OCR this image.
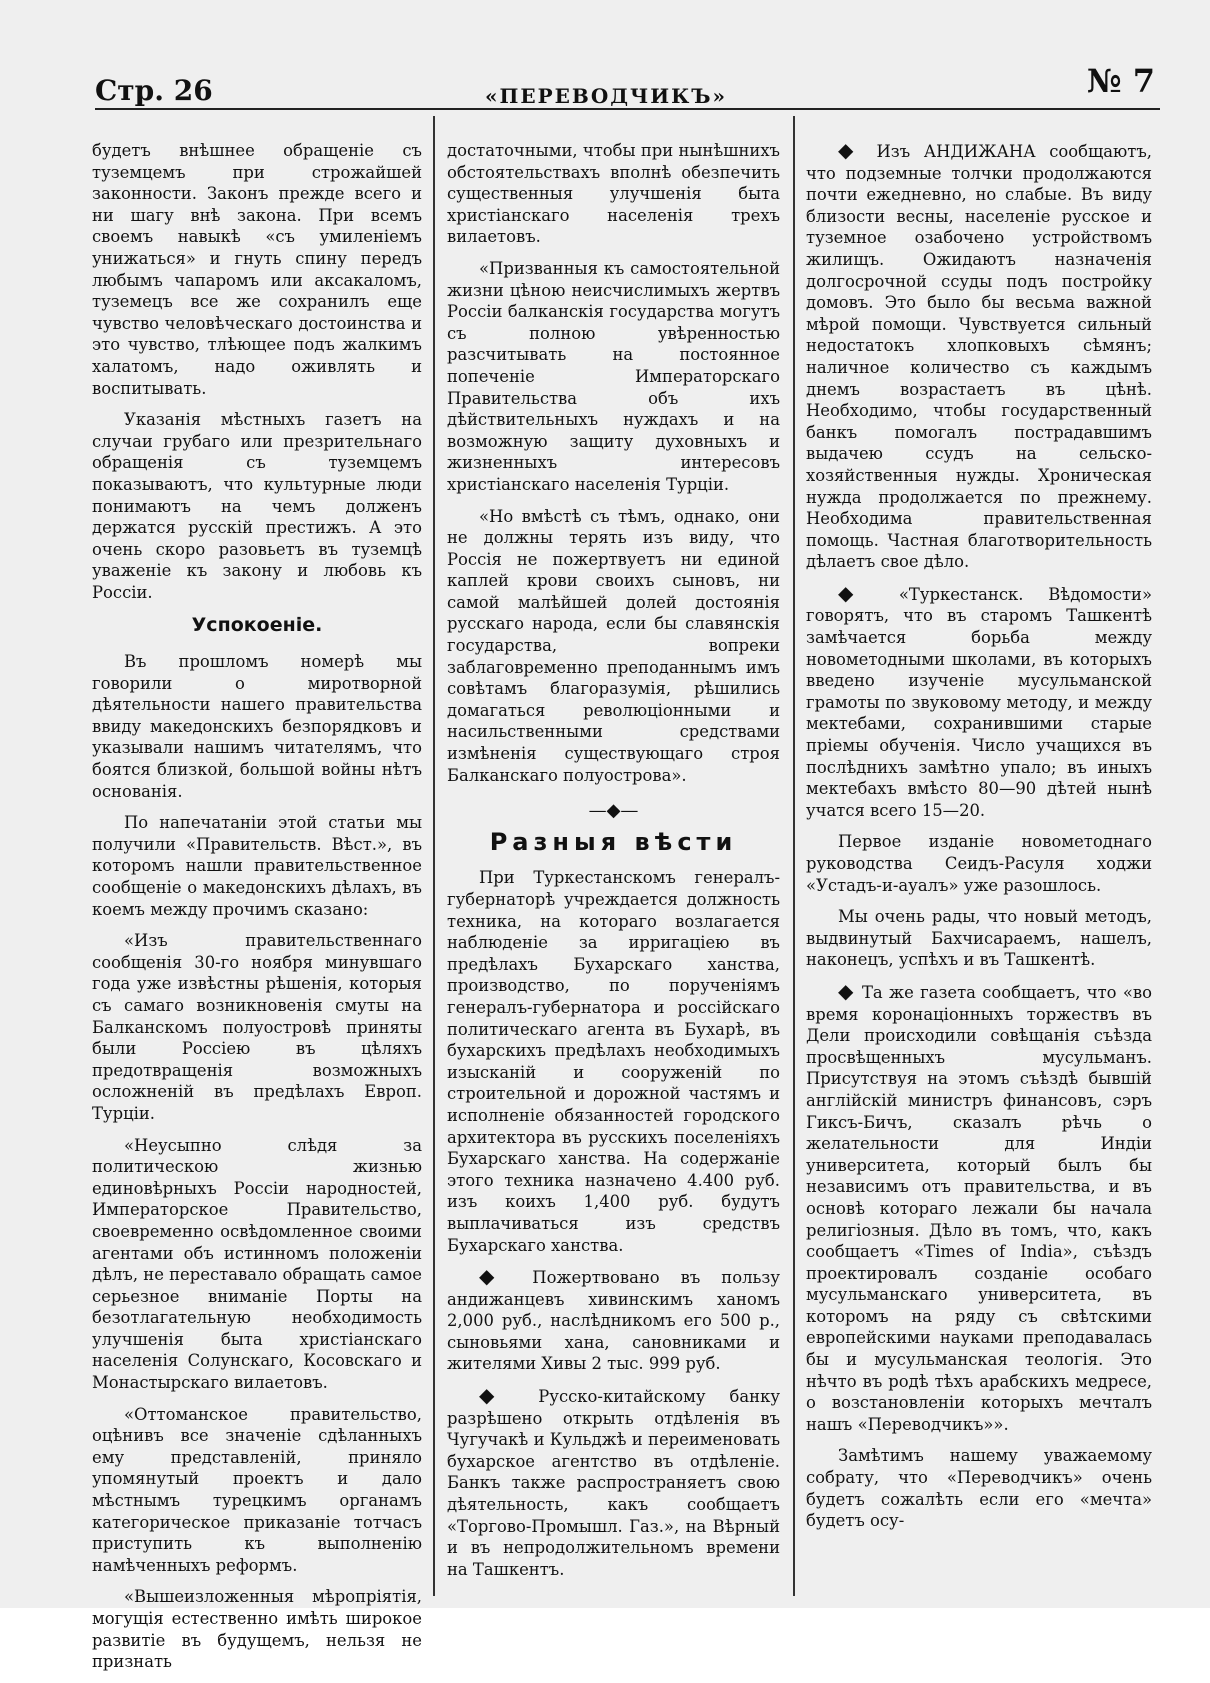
Стр. 26	«ПЕРЕВОДЧИКЪ»	№ 7

будетъ внѣшнее обращеніе съ туземцемъ при строжайшей законности. Законъ прежде всего и ни шагу внѣ закона. При всемъ своемъ навыкѣ «съ умиленіемъ унижаться» и гнуть спину передъ любымъ чапаромъ или аксакаломъ, туземецъ все же сохранилъ еще чувство человѣческаго достоинства и это чувство, тлѣющее подъ жалкимъ халатомъ, надо оживлять и воспитывать.

Указанія мѣстныхъ газетъ на случаи грубаго или презрительнаго обращенія съ туземцемъ показываютъ, что культурные люди понимаютъ на чемъ долженъ держатся русскій престижъ. А это очень скоро разовьетъ въ туземцѣ уваженіе къ закону и любовь къ Россіи.

Успокоеніе.

Въ прошломъ номерѣ мы говорили о миротворной дѣятельности нашего правительства ввиду македонскихъ безпорядковъ и указывали нашимъ читателямъ, что боятся близкой, большой войны нѣтъ основанія.

По напечатаніи этой статьи мы получили «Правительств. Вѣст.», въ которомъ нашли правительственное сообщеніе о македонскихъ дѣлахъ, въ коемъ между прочимъ сказано:

«Изъ правительственнаго сообщенія 30-го ноября минувшаго года уже извѣстны рѣшенія, которыя съ самаго возникновенія смуты на Балканскомъ полуостровѣ приняты были Россіею въ цѣляхъ предотвращенія возможныхъ осложненій въ предѣлахъ Европ. Турціи.

«Неусыпно слѣдя за политическою жизнью единовѣрныхъ Россіи народностей, Императорское Правительство, своевременно освѣдомленное своими агентами объ истинномъ положеніи дѣлъ, не переставало обращать самое серьезное вниманіе Порты на безотлагательную необходимость улучшенія быта христіанскаго населенія Солунскаго, Косовскаго и Монастырскаго вилаетовъ.

«Оттоманское правительство, оцѣнивъ все значеніе сдѣланныхъ ему представленій, приняло упомянутый проектъ и дало мѣстнымъ турецкимъ органамъ категорическое приказаніе тотчасъ приступить къ выполненію намѣченныхъ реформъ.

«Вышеизложенныя мѣропріятія, могущія естественно имѣть широкое развитіе въ будущемъ, нельзя не признать

достаточными, чтобы при нынѣшнихъ обстоятельствахъ вполнѣ обезпечить существенныя улучшенія быта христіанскаго населенія трехъ вилаетовъ.

«Призванныя къ самостоятельной жизни цѣною неисчислимыхъ жертвъ Россіи балканскія государства могутъ съ полною увѣренностью разсчитывать на постоянное попеченіе Императорскаго Правительства объ ихъ дѣйствительныхъ нуждахъ и на возможную защиту духовныхъ и жизненныхъ интересовъ христіанскаго населенія Турціи.

«Но вмѣстѣ съ тѣмъ, однако, они не должны терять изъ виду, что Россія не пожертвуетъ ни единой каплей крови своихъ сыновъ, ни самой малѣйшей долей достоянія русскаго народа, если бы славянскія государства, вопреки заблаговременно преподаннымъ имъ совѣтамъ благоразумія, рѣшились домагаться революціонными и насильственными средствами измѣненія существующаго строя Балканскаго полуострова».

—◆—
Разныя вѣсти

При Туркестанскомъ генералъ-губернаторѣ учреждается должность техника, на котораго возлагается наблюденіе за ирригаціею въ предѣлахъ Бухарскаго ханства, производство, по порученіямъ генералъ-губернатора и россійскаго политическаго агента въ Бухарѣ, въ бухарскихъ предѣлахъ необходимыхъ изысканій и сооруженій по строительной и дорожной частямъ и исполненіе обязанностей городского архитектора въ русскихъ поселеніяхъ Бухарскаго ханства. На содержаніе этого техника назначено 4.400 руб. изъ коихъ 1,400 руб. будутъ выплачиваться изъ средствъ Бухарскаго ханства.

◆ Пожертвовано въ пользу андижанцевъ хивинскимъ ханомъ 2,000 руб., наслѣдникомъ его 500 р., сыновьями хана, сановниками и жителями Хивы 2 тыс. 999 руб.

◆ Русско-китайскому банку разрѣшено открыть отдѣленія въ Чугучакѣ и Кульджѣ и переименовать бухарское агентство въ отдѣленіе. Банкъ также распространяетъ свою дѣятельность, какъ сообщаетъ «Торгово-Промышл. Газ.», на Вѣрный и въ непродолжительномъ времени на Ташкентъ.

◆ Изъ АНДИЖАНА сообщаютъ, что подземные толчки продолжаются почти ежедневно, но слабые. Въ виду близости весны, населеніе русское и туземное озабочено устройствомъ жилищъ. Ожидаютъ назначенія долгосрочной ссуды подъ постройку домовъ. Это было бы весьма важной мѣрой помощи. Чувствуется сильный недостатокъ хлопковыхъ сѣмянъ; наличное количество съ каждымъ днемъ возрастаетъ въ цѣнѣ. Необходимо, чтобы государственный банкъ помогалъ пострадавшимъ выдачею ссудъ на сельско-хозяйственныя нужды. Хроническая нужда продолжается по прежнему. Необходима правительственная помощь. Частная благотворительность дѣлаетъ свое дѣло.

◆ «Туркестанск. Вѣдомости» говорятъ, что въ старомъ Ташкентѣ замѣчается борьба между новометодными школами, въ которыхъ введено изученіе мусульманской грамоты по звуковому методу, и между мектебами, сохранившими старые пріемы обученія. Число учащихся въ послѣднихъ замѣтно упало; въ иныхъ мектебахъ вмѣсто 80—90 дѣтей нынѣ учатся всего 15—20.

Первое изданіе новометоднаго руководства Сеидъ-Расуля ходжи «Устадъ-и-ауалъ» уже разошлось.

Мы очень рады, что новый методъ, выдвинутый Бахчисараемъ, нашелъ, наконецъ, успѣхъ и въ Ташкентѣ.

◆ Та же газета сообщаетъ, что «во время коронаціонныхъ торжествъ въ Дели происходили совѣщанія съѣзда просвѣщенныхъ мусульманъ. Присутствуя на этомъ съѣздѣ бывшій англійскій министръ финансовъ, сэръ Гиксъ-Бичъ, сказалъ рѣчь о желательности для Индіи университета, который былъ бы независимъ отъ правительства, и въ основѣ котораго лежали бы начала религіозныя. Дѣло въ томъ, что, какъ сообщаетъ «Times of India», съѣздъ проектировалъ созданіе особаго мусульманскаго университета, въ которомъ на ряду съ свѣтскими европейскими науками преподавалась бы и мусульманская теологія. Это нѣчто въ родѣ тѣхъ арабскихъ медресе, о возстановленіи которыхъ мечталъ нашъ «Переводчикъ»».

Замѣтимъ нашему уважаемому собрату, что «Переводчикъ» очень будетъ сожалѣть если его «мечта» будетъ осу-
